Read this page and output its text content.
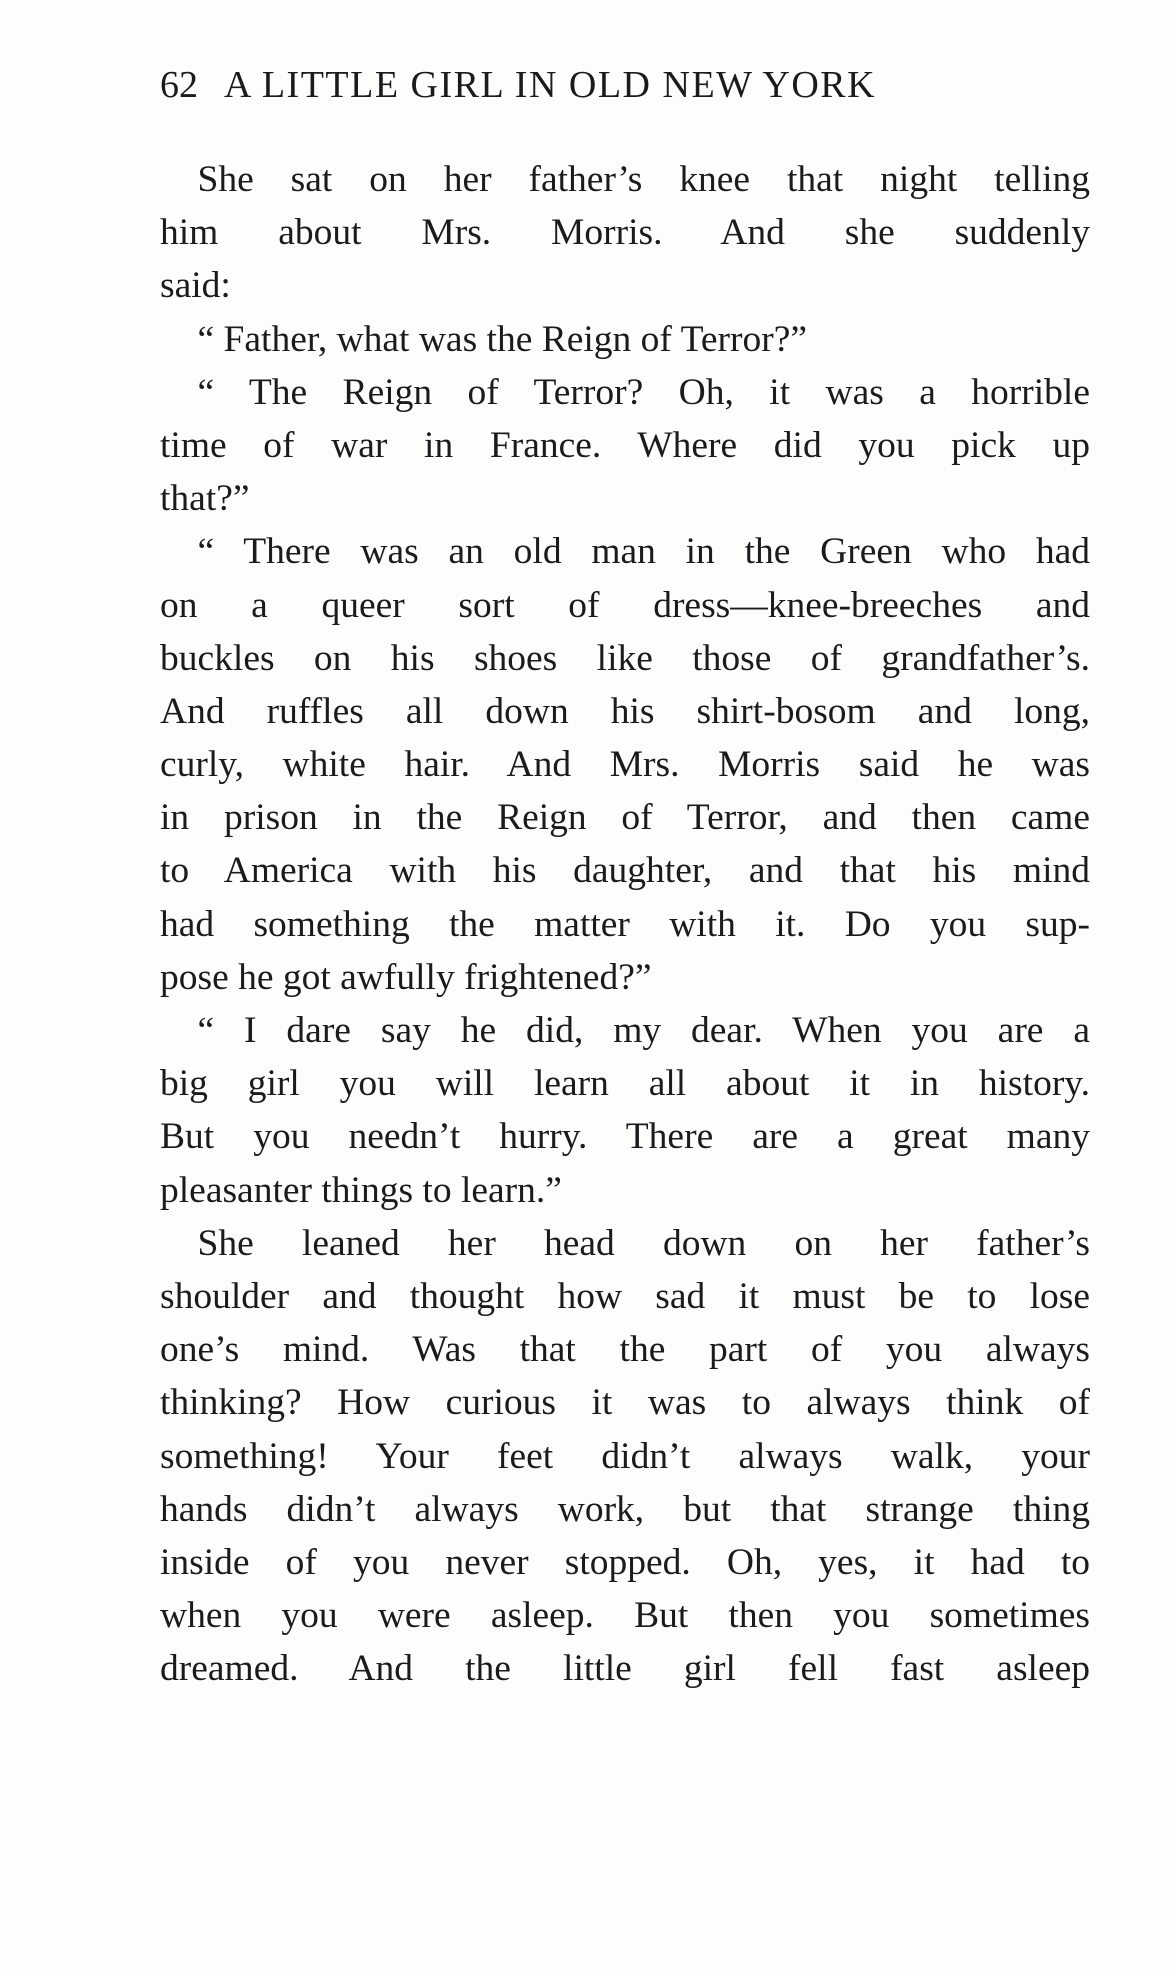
62 A LITTLE GIRL IN OLD NEW YORK
 She sat on her father’s knee that night telling
him about Mrs. Morris. And she suddenly
said:
 “ Father, what was the Reign of Terror?”
 “ The Reign of Terror? Oh, it was a horrible
time of war in France. Where did you pick up
that?”
 “ There was an old man in the Green who had
on a queer sort of dress—knee-breeches and
buckles on his shoes like those of grandfather’s.
And ruffles all down his shirt-bosom and long,
curly, white hair. And Mrs. Morris said he was
in prison in the Reign of Terror, and then came
to America with his daughter, and that his mind
had something the matter with it. Do you sup-
pose he got awfully frightened?”
 “ I dare say he did, my dear. When you are a
big girl you will learn all about it in history.
But you needn’t hurry. There are a great many
pleasanter things to learn.”
 She leaned her head down on her father’s
shoulder and thought how sad it must be to lose
one’s mind. Was that the part of you always
thinking? How curious it was to always think of
something! Your feet didn’t always walk, your
hands didn’t always work, but that strange thing
inside of you never stopped. Oh, yes, it had to
when you were asleep. But then you sometimes
dreamed. And the little girl fell fast asleep
